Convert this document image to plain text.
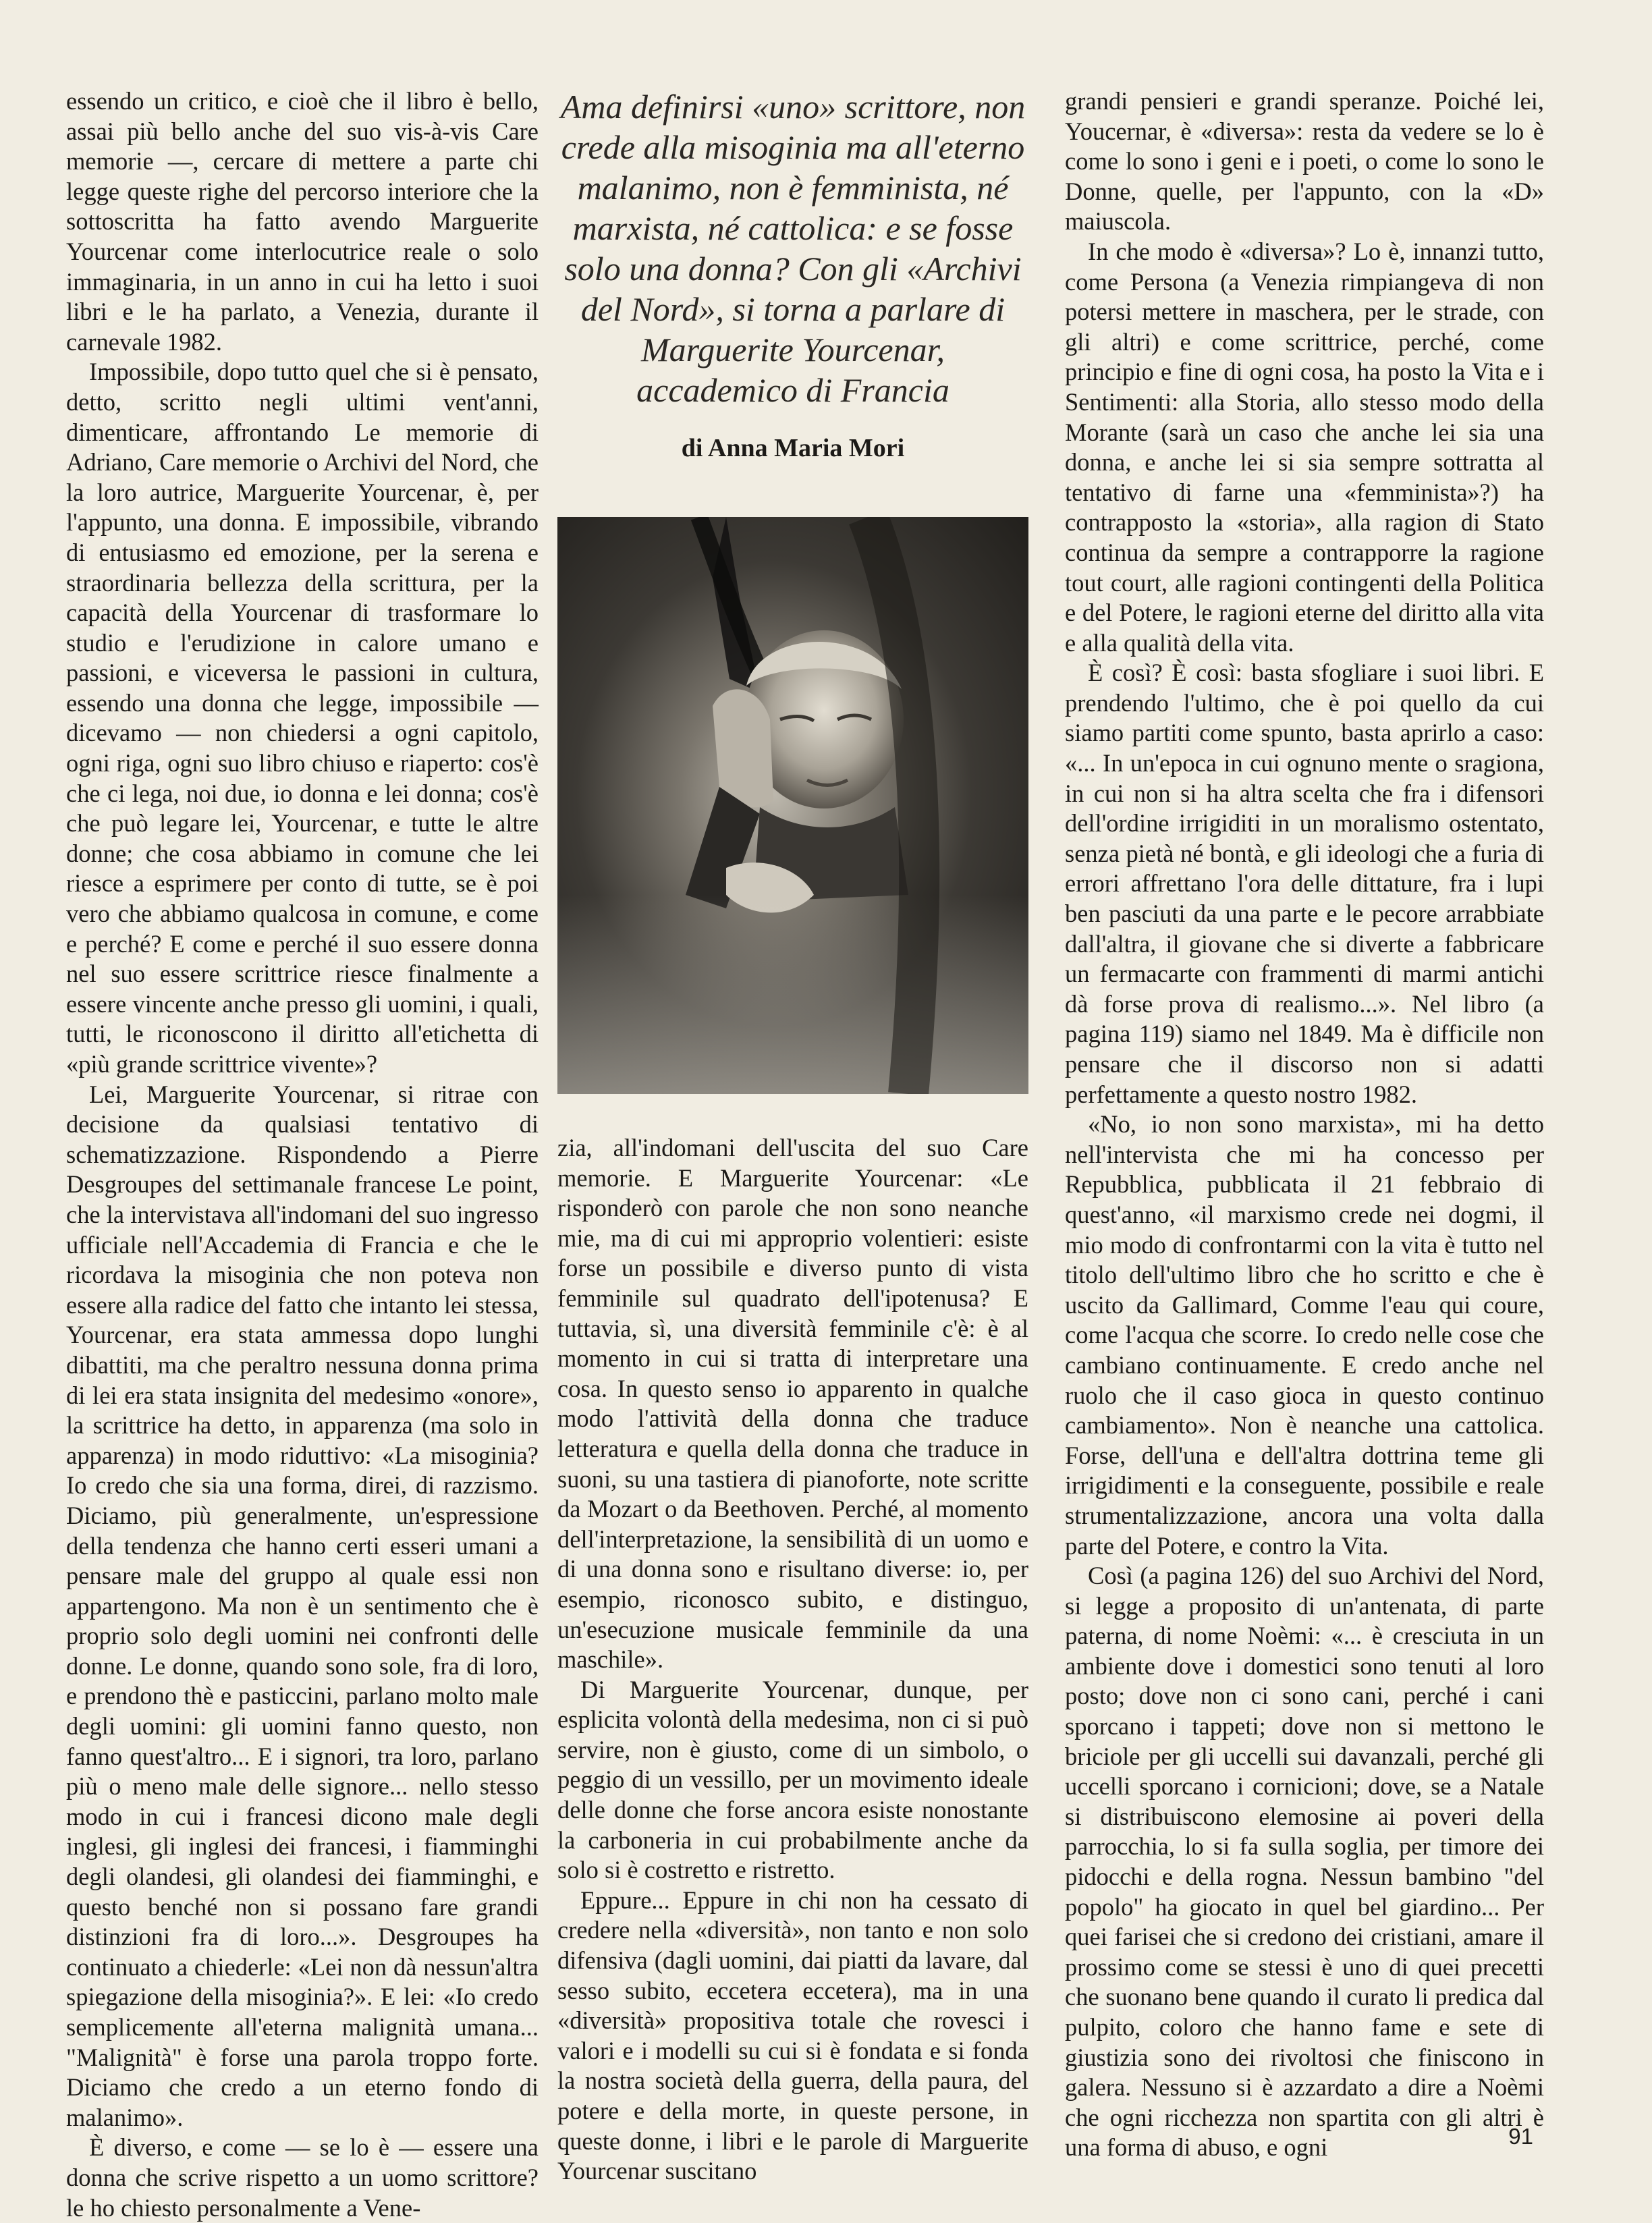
essendo un critico, e cioè che il libro è bello, assai più bello anche del suo vis-à-vis Care memorie —, cercare di mettere a parte chi legge queste righe del percorso interiore che la sottoscritta ha fatto avendo Marguerite Yourcenar come interlocutrice reale o solo immaginaria, in un anno in cui ha letto i suoi libri e le ha parlato, a Venezia, durante il carnevale 1982.

Impossibile, dopo tutto quel che si è pensato, detto, scritto negli ultimi vent'anni, dimenticare, affrontando Le memorie di Adriano, Care memorie o Archivi del Nord, che la loro autrice, Marguerite Yourcenar, è, per l'appunto, una donna. E impossibile, vibrando di entusiasmo ed emozione, per la serena e straordinaria bellezza della scrittura, per la capacità della Yourcenar di trasformare lo studio e l'erudizione in calore umano e passioni, e viceversa le passioni in cultura, essendo una donna che legge, impossibile — dicevamo — non chiedersi a ogni capitolo, ogni riga, ogni suo libro chiuso e riaperto: cos'è che ci lega, noi due, io donna e lei donna; cos'è che può legare lei, Yourcenar, e tutte le altre donne; che cosa abbiamo in comune che lei riesce a esprimere per conto di tutte, se è poi vero che abbiamo qualcosa in comune, e come e perché? E come e perché il suo essere donna nel suo essere scrittrice riesce finalmente a essere vincente anche presso gli uomini, i quali, tutti, le riconoscono il diritto all'etichetta di «più grande scrittrice vivente»?

Lei, Marguerite Yourcenar, si ritrae con decisione da qualsiasi tentativo di schematizzazione. Rispondendo a Pierre Desgroupes del settimanale francese Le point, che la intervistava all'indomani del suo ingresso ufficiale nell'Accademia di Francia e che le ricordava la misoginia che non poteva non essere alla radice del fatto che intanto lei stessa, Yourcenar, era stata ammessa dopo lunghi dibattiti, ma che peraltro nessuna donna prima di lei era stata insignita del medesimo «onore», la scrittrice ha detto, in apparenza (ma solo in apparenza) in modo riduttivo: «La misoginia? Io credo che sia una forma, direi, di razzismo. Diciamo, più generalmente, un'espressione della tendenza che hanno certi esseri umani a pensare male del gruppo al quale essi non appartengono. Ma non è un sentimento che è proprio solo degli uomini nei confronti delle donne. Le donne, quando sono sole, fra di loro, e prendono thè e pasticcini, parlano molto male degli uomini: gli uomini fanno questo, non fanno quest'altro... E i signori, tra loro, parlano più o meno male delle signore... nello stesso modo in cui i francesi dicono male degli inglesi, gli inglesi dei francesi, i fiamminghi degli olandesi, gli olandesi dei fiamminghi, e questo benché non si possano fare grandi distinzioni fra di loro...». Desgroupes ha continuato a chiederle: «Lei non dà nessun'altra spiegazione della misoginia?». E lei: «Io credo semplicemente all'eterna malignità umana... "Malignità" è forse una parola troppo forte. Diciamo che credo a un eterno fondo di malanimo».

È diverso, e come — se lo è — essere una donna che scrive rispetto a un uomo scrittore? le ho chiesto personalmente a Vene-

Ama definirsi «uno» scrittore, non crede alla misoginia ma all'eterno malanimo, non è femminista, né marxista, né cattolica: e se fosse solo una donna? Con gli «Archivi del Nord», si torna a parlare di Marguerite Yourcenar, accademico di Francia
di Anna Maria Mori

zia, all'indomani dell'uscita del suo Care memorie. E Marguerite Yourcenar: «Le risponderò con parole che non sono neanche mie, ma di cui mi approprio volentieri: esiste forse un possibile e diverso punto di vista femminile sul quadrato dell'ipotenusa? E tuttavia, sì, una diversità femminile c'è: è al momento in cui si tratta di interpretare una cosa. In questo senso io apparento in qualche modo l'attività della donna che traduce letteratura e quella della donna che traduce in suoni, su una tastiera di pianoforte, note scritte da Mozart o da Beethoven. Perché, al momento dell'interpretazione, la sensibilità di un uomo e di una donna sono e risultano diverse: io, per esempio, riconosco subito, e distinguo, un'esecuzione musicale femminile da una maschile».

Di Marguerite Yourcenar, dunque, per esplicita volontà della medesima, non ci si può servire, non è giusto, come di un simbolo, o peggio di un vessillo, per un movimento ideale delle donne che forse ancora esiste nonostante la carboneria in cui probabilmente anche da solo si è costretto e ristretto.

Eppure... Eppure in chi non ha cessato di credere nella «diversità», non tanto e non solo difensiva (dagli uomini, dai piatti da lavare, dal sesso subito, eccetera eccetera), ma in una «diversità» propositiva totale che rovesci i valori e i modelli su cui si è fondata e si fonda la nostra società della guerra, della paura, del potere e della morte, in queste persone, in queste donne, i libri e le parole di Marguerite Yourcenar suscitano

grandi pensieri e grandi speranze. Poiché lei, Youcernar, è «diversa»: resta da vedere se lo è come lo sono i geni e i poeti, o come lo sono le Donne, quelle, per l'appunto, con la «D» maiuscola.

In che modo è «diversa»? Lo è, innanzi tutto, come Persona (a Venezia rimpiangeva di non potersi mettere in maschera, per le strade, con gli altri) e come scrittrice, perché, come principio e fine di ogni cosa, ha posto la Vita e i Sentimenti: alla Storia, allo stesso modo della Morante (sarà un caso che anche lei sia una donna, e anche lei si sia sempre sottratta al tentativo di farne una «femminista»?) ha contrapposto la «storia», alla ragion di Stato continua da sempre a contrapporre la ragione tout court, alle ragioni contingenti della Politica e del Potere, le ragioni eterne del diritto alla vita e alla qualità della vita.

È così? È così: basta sfogliare i suoi libri. E prendendo l'ultimo, che è poi quello da cui siamo partiti come spunto, basta aprirlo a caso: «... In un'epoca in cui ognuno mente o sragiona, in cui non si ha altra scelta che fra i difensori dell'ordine irrigiditi in un moralismo ostentato, senza pietà né bontà, e gli ideologi che a furia di errori affrettano l'ora delle dittature, fra i lupi ben pasciuti da una parte e le pecore arrabbiate dall'altra, il giovane che si diverte a fabbricare un fermacarte con frammenti di marmi antichi dà forse prova di realismo...». Nel libro (a pagina 119) siamo nel 1849. Ma è difficile non pensare che il discorso non si adatti perfettamente a questo nostro 1982.

«No, io non sono marxista», mi ha detto nell'intervista che mi ha concesso per Repubblica, pubblicata il 21 febbraio di quest'anno, «il marxismo crede nei dogmi, il mio modo di confrontarmi con la vita è tutto nel titolo dell'ultimo libro che ho scritto e che è uscito da Gallimard, Comme l'eau qui coure, come l'acqua che scorre. Io credo nelle cose che cambiano continuamente. E credo anche nel ruolo che il caso gioca in questo continuo cambiamento». Non è neanche una cattolica. Forse, dell'una e dell'altra dottrina teme gli irrigidimenti e la conseguente, possibile e reale strumentalizzazione, ancora una volta dalla parte del Potere, e contro la Vita.

Così (a pagina 126) del suo Archivi del Nord, si legge a proposito di un'antenata, di parte paterna, di nome Noèmi: «... è cresciuta in un ambiente dove i domestici sono tenuti al loro posto; dove non ci sono cani, perché i cani sporcano i tappeti; dove non si mettono le briciole per gli uccelli sui davanzali, perché gli uccelli sporcano i cornicioni; dove, se a Natale si distribuiscono elemosine ai poveri della parrocchia, lo si fa sulla soglia, per timore dei pidocchi e della rogna. Nessun bambino "del popolo" ha giocato in quel bel giardino... Per quei farisei che si credono dei cristiani, amare il prossimo come se stessi è uno di quei precetti che suonano bene quando il curato li predica dal pulpito, coloro che hanno fame e sete di giustizia sono dei rivoltosi che finiscono in galera. Nessuno si è azzardato a dire a Noèmi che ogni ricchezza non spartita con gli altri è una forma di abuso, e ogni	91
